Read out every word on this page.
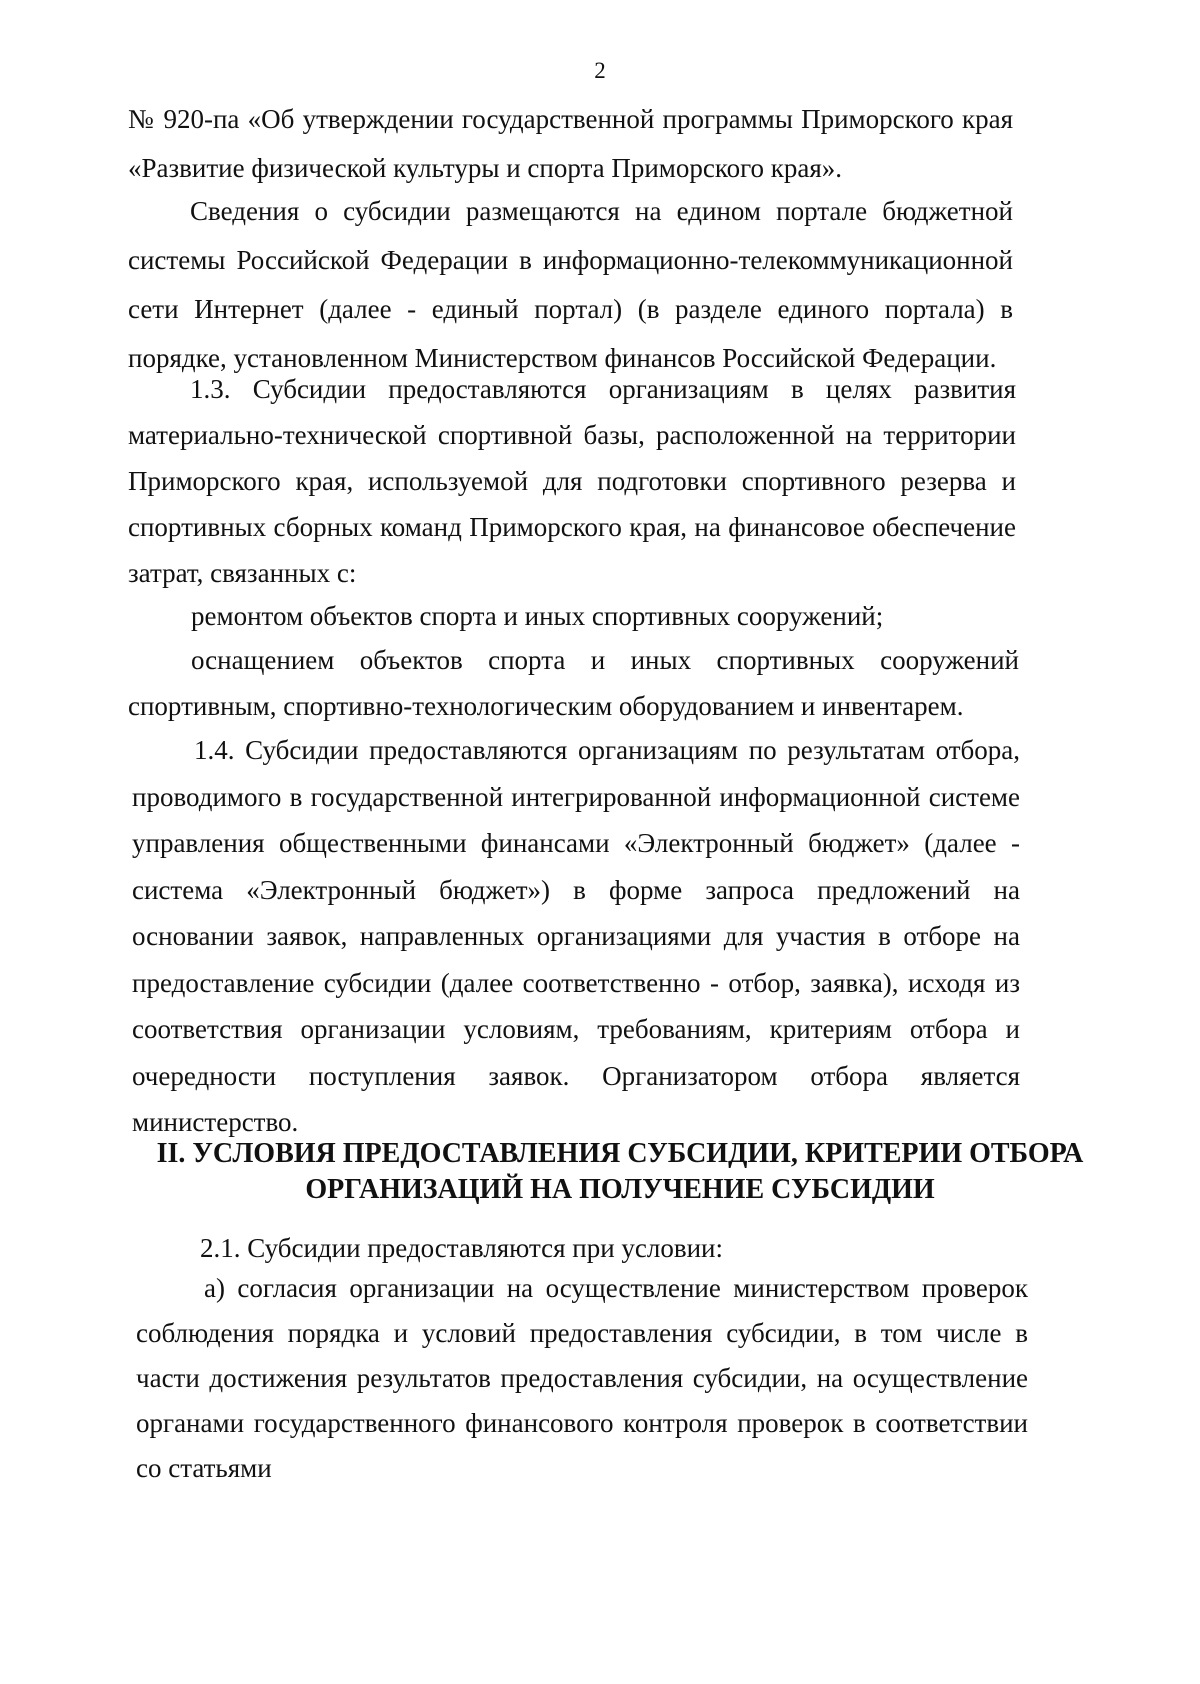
2

№ 920-па «Об утверждении государственной программы Приморского края «Развитие физической культуры и спорта Приморского края».

Сведения о субсидии размещаются на едином портале бюджетной системы Российской Федерации в информационно-телекоммуникационной сети Интернет (далее - единый портал) (в разделе единого портала) в порядке, установленном Министерством финансов Российской Федерации.

1.3. Субсидии предоставляются организациям в целях развития материально-технической спортивной базы, расположенной на территории Приморского края, используемой для подготовки спортивного резерва и спортивных сборных команд Приморского края, на финансовое обеспечение затрат, связанных с:

ремонтом объектов спорта и иных спортивных сооружений;

оснащением объектов спорта и иных спортивных сооружений спортивным, спортивно-технологическим оборудованием и инвентарем.

1.4. Субсидии предоставляются организациям по результатам отбора, проводимого в государственной интегрированной информационной системе управления общественными финансами «Электронный бюджет» (далее - система «Электронный бюджет») в форме запроса предложений на основании заявок, направленных организациями для участия в отборе на предоставление субсидии (далее соответственно - отбор, заявка), исходя из соответствия организации условиям, требованиям, критериям отбора и очередности поступления заявок. Организатором отбора является министерство.

II. УСЛОВИЯ ПРЕДОСТАВЛЕНИЯ СУБСИДИИ, КРИТЕРИИ ОТБОРА
ОРГАНИЗАЦИЙ НА ПОЛУЧЕНИЕ СУБСИДИИ

2.1. Субсидии предоставляются при условии:

а) согласия организации на осуществление министерством проверок соблюдения порядка и условий предоставления субсидии, в том числе в части достижения результатов предоставления субсидии, на осуществление органами государственного финансового контроля проверок в соответствии со статьями
